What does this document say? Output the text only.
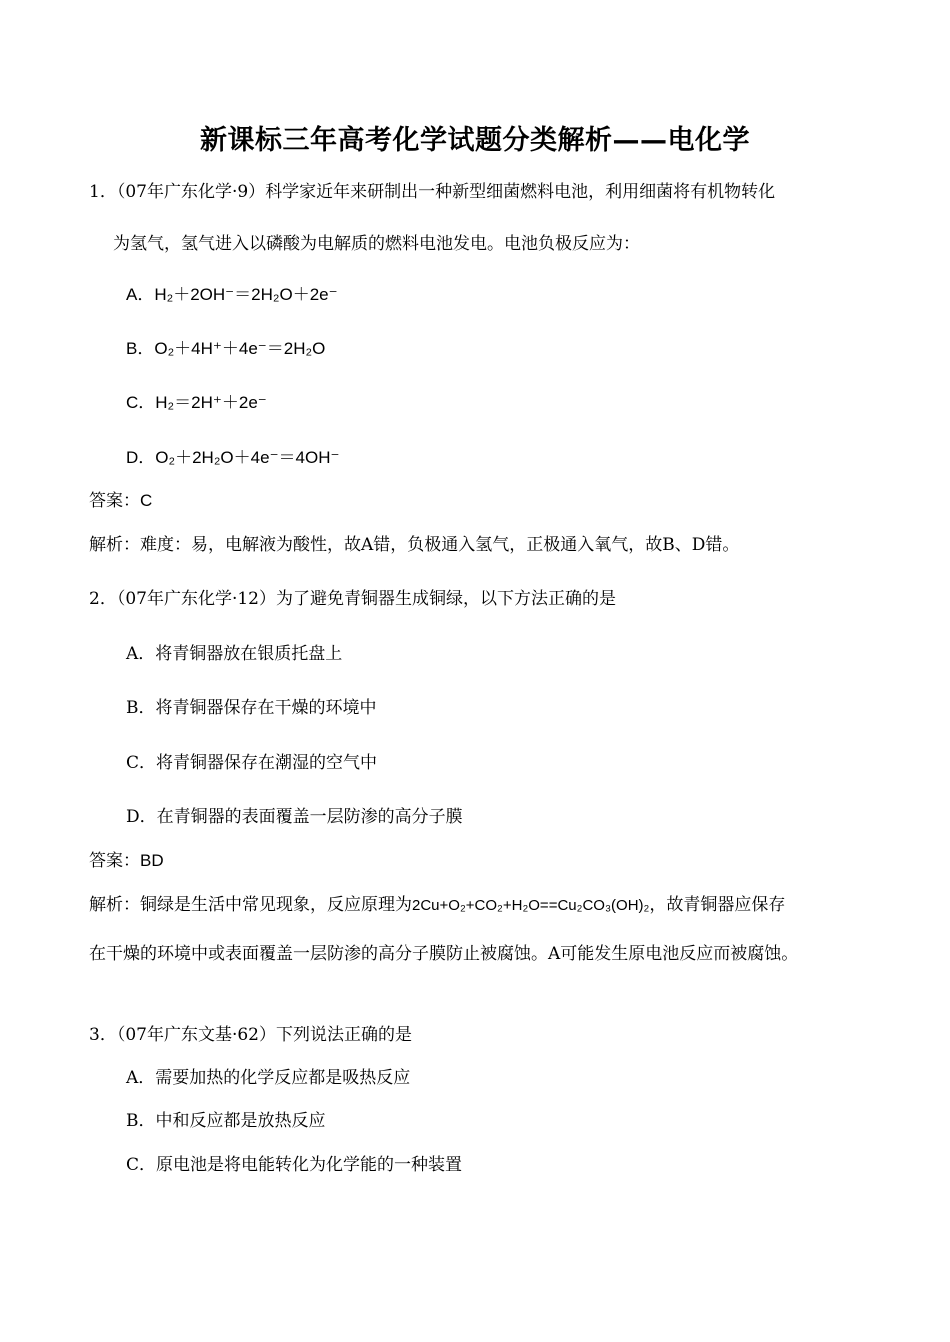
新课标三年高考化学试题分类解析——电化学
1．（07年广东化学·9）科学家近年来研制出一种新型细菌燃料电池，利用细菌将有机物转化
为氢气，氢气进入以磷酸为电解质的燃料电池发电。电池负极反应为：
A．H₂＋2OH⁻＝2H₂O＋2e⁻
B．O₂＋4H⁺＋4e⁻＝2H₂O
C．H₂＝2H⁺＋2e⁻
D．O₂＋2H₂O＋4e⁻＝4OH⁻
答案：C
解析：难度：易，电解液为酸性，故A错，负极通入氢气，正极通入氧气，故B、D错。
2．（07年广东化学·12）为了避免青铜器生成铜绿，以下方法正确的是
A．将青铜器放在银质托盘上
B．将青铜器保存在干燥的环境中
C．将青铜器保存在潮湿的空气中
D．在青铜器的表面覆盖一层防渗的高分子膜
答案：BD
解析：铜绿是生活中常见现象，反应原理为2Cu+O₂+CO₂+H₂O==Cu₂CO₃(OH)₂，故青铜器应保存
在干燥的环境中或表面覆盖一层防渗的高分子膜防止被腐蚀。A可能发生原电池反应而被腐蚀。
3．（07年广东文基·62）下列说法正确的是
A．需要加热的化学反应都是吸热反应
B．中和反应都是放热反应
C．原电池是将电能转化为化学能的一种装置
